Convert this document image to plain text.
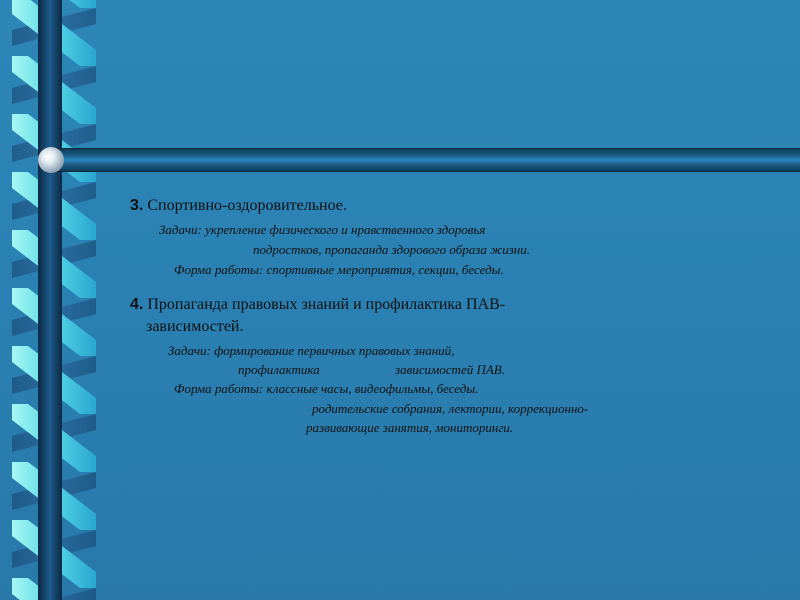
3. Спортивно-оздоровительное.
Задачи: укрепление физического и нравственного здоровья
подростков, пропаганда здорового образа жизни.
Форма работы: спортивные мероприятия, секции, беседы.
4. Пропаганда правовых знаний и профилактика ПАВ-
зависимостей.
Задачи: формирование первичных правовых знаний,
профилактика	зависимостей ПАВ.
Форма работы: классные часы, видеофильмы, беседы.
родительские собрания, лектории, коррекционно-
развивающие занятия, мониторинги.
